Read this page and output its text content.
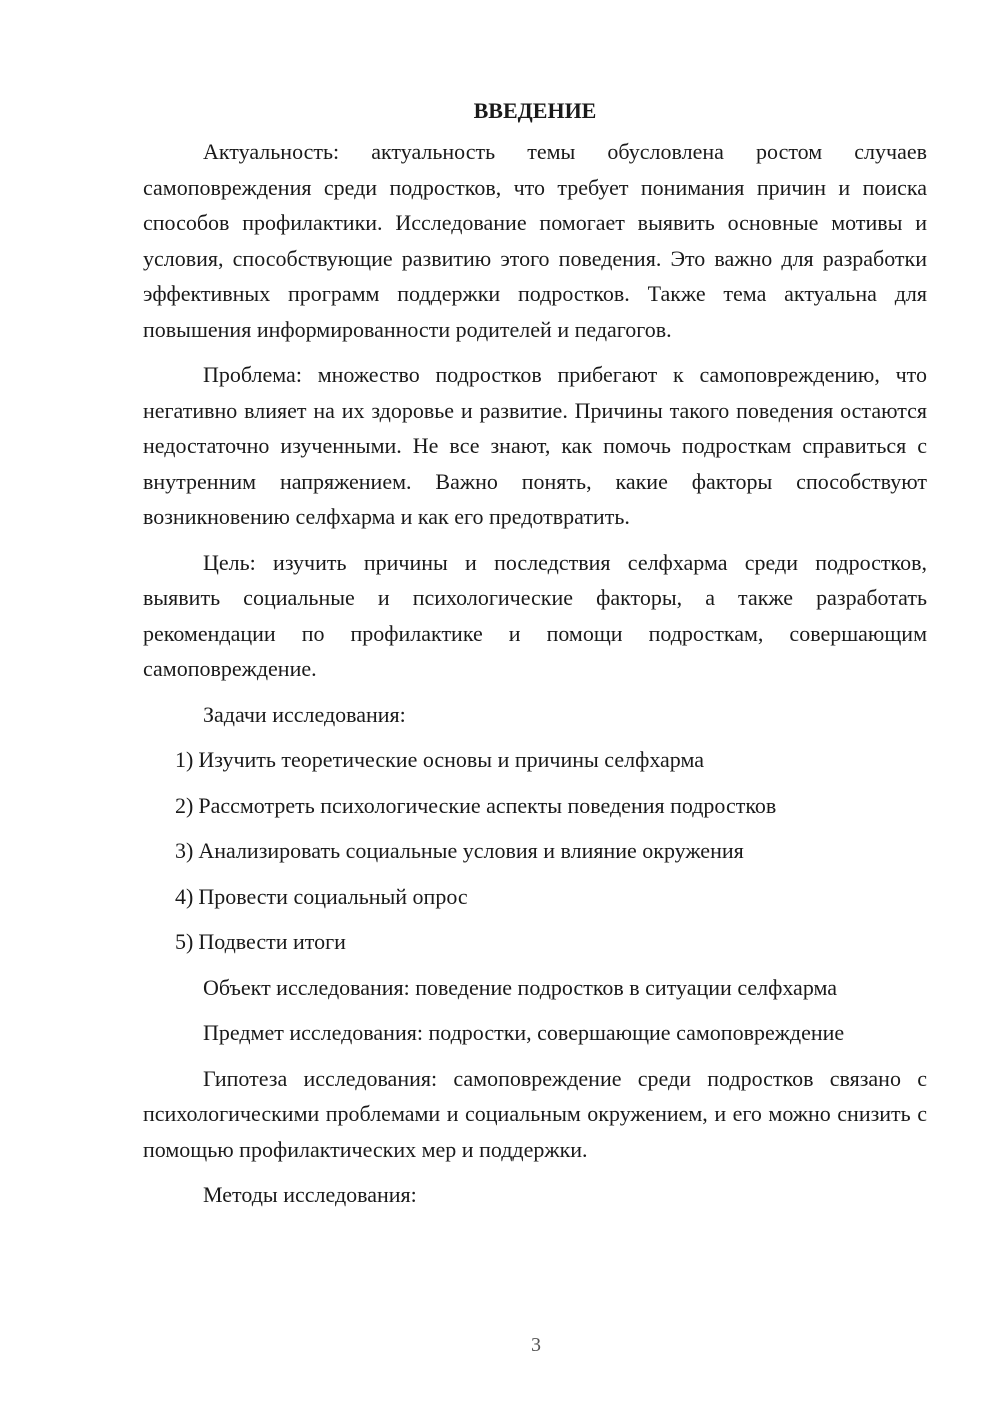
ВВЕДЕНИЕ

Актуальность: актуальность темы обусловлена ростом случаев самоповреждения среди подростков, что требует понимания причин и поиска способов профилактики. Исследование помогает выявить основные мотивы и условия, способствующие развитию этого поведения. Это важно для разработки эффективных программ поддержки подростков. Также тема актуальна для повышения информированности родителей и педагогов.

Проблема: множество подростков прибегают к самоповреждению, что негативно влияет на их здоровье и развитие. Причины такого поведения остаются недостаточно изученными. Не все знают, как помочь подросткам справиться с внутренним напряжением. Важно понять, какие факторы способствуют возникновению селфхарма и как его предотвратить.

Цель: изучить причины и последствия селфхарма среди подростков, выявить социальные и психологические факторы, а также разработать рекомендации по профилактике и помощи подросткам, совершающим самоповреждение.

Задачи исследования:

1) Изучить теоретические основы и причины селфхарма
2) Рассмотреть психологические аспекты поведения подростков
3) Анализировать социальные условия и влияние окружения
4) Провести социальный опрос
5) Подвести итоги

Объект исследования: поведение подростков в ситуации селфхарма

Предмет исследования: подростки, совершающие самоповреждение

Гипотеза исследования: самоповреждение среди подростков связано с психологическими проблемами и социальным окружением, и его можно снизить с помощью профилактических мер и поддержки.

Методы исследования:

3
